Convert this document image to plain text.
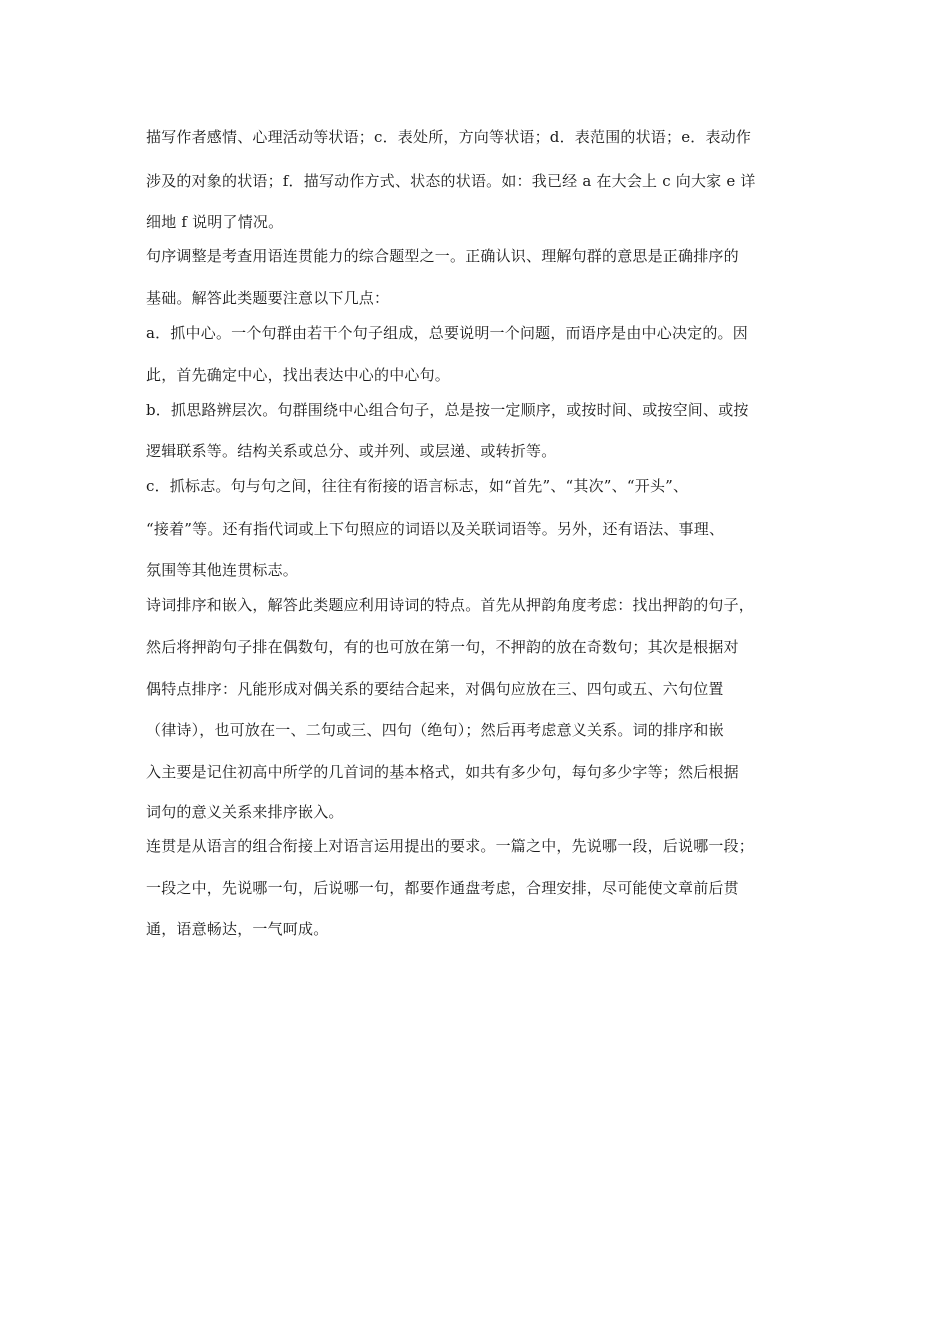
描写作者感情、心理活动等状语；c．表处所，方向等状语；d．表范围的状语；e．表动作
涉及的对象的状语；f．描写动作方式、状态的状语。如：我已经 a 在大会上 c 向大家 e 详
细地 f 说明了情况。
句序调整是考查用语连贯能力的综合题型之一。正确认识、理解句群的意思是正确排序的
基础。解答此类题要注意以下几点：
a．抓中心。一个句群由若干个句子组成，总要说明一个问题，而语序是由中心决定的。因
此，首先确定中心，找出表达中心的中心句。
b．抓思路辨层次。句群围绕中心组合句子，总是按一定顺序，或按时间、或按空间、或按
逻辑联系等。结构关系或总分、或并列、或层递、或转折等。
c．抓标志。句与句之间，往往有衔接的语言标志，如“首先”、“其次”、“开头”、
“接着”等。还有指代词或上下句照应的词语以及关联词语等。另外，还有语法、事理、
氛围等其他连贯标志。
诗词排序和嵌入，解答此类题应利用诗词的特点。首先从押韵角度考虑：找出押韵的句子，
然后将押韵句子排在偶数句，有的也可放在第一句，不押韵的放在奇数句；其次是根据对
偶特点排序：凡能形成对偶关系的要结合起来，对偶句应放在三、四句或五、六句位置
（律诗），也可放在一、二句或三、四句（绝句）；然后再考虑意义关系。词的排序和嵌
入主要是记住初高中所学的几首词的基本格式，如共有多少句，每句多少字等；然后根据
词句的意义关系来排序嵌入。
连贯是从语言的组合衔接上对语言运用提出的要求。一篇之中，先说哪一段，后说哪一段；
一段之中，先说哪一句，后说哪一句，都要作通盘考虑，合理安排，尽可能使文章前后贯
通，语意畅达，一气呵成。
